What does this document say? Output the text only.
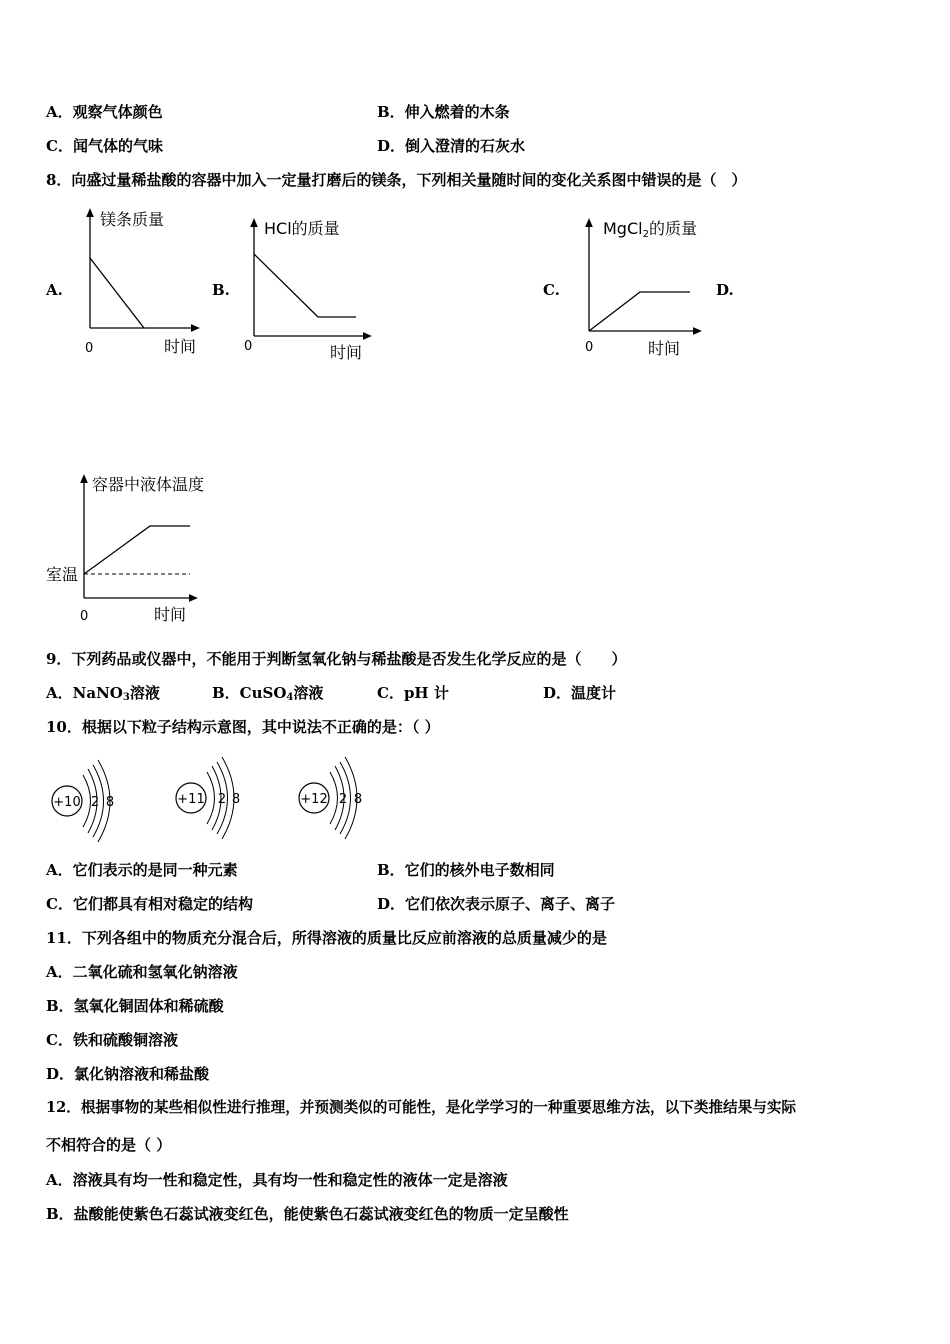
A．观察气体颜色	B．伸入燃着的木条
C．闻气体的气味	D．倒入澄清的石灰水
8．向盛过量稀盐酸的容器中加入一定量打磨后的镁条，下列相关量随时间的变化关系图中错误的是（　）
A.	B.	C.	D.
镁条质量
0	时间
HCl的质量
0	时间
MgCl2的质量
0	时间
容器中液体温度
室温
0	时间
+10 2 8	+11 2 8	+12 2 8
9．下列药品或仪器中，不能用于判断氢氧化钠与稀盐酸是否发生化学反应的是（　　）
A．NaNO$_3$溶液	B．CuSO$_4$溶液	C．pH 计	D．温度计
10．根据以下粒子结构示意图，其中说法不正确的是：（ ）
A．它们表示的是同一种元素	B．它们的核外电子数相同
C．它们都具有相对稳定的结构	D．它们依次表示原子、离子、离子
11．下列各组中的物质充分混合后，所得溶液的质量比反应前溶液的总质量减少的是
A．二氧化硫和氢氧化钠溶液
B．氢氧化铜固体和稀硫酸
C．铁和硫酸铜溶液
D．氯化钠溶液和稀盐酸
12．根据事物的某些相似性进行推理，并预测类似的可能性，是化学学习的一种重要思维方法，以下类推结果与实际
不相符合的是（ ）
A．溶液具有均一性和稳定性，具有均一性和稳定性的液体一定是溶液
B．盐酸能使紫色石蕊试液变红色，能使紫色石蕊试液变红色的物质一定呈酸性
